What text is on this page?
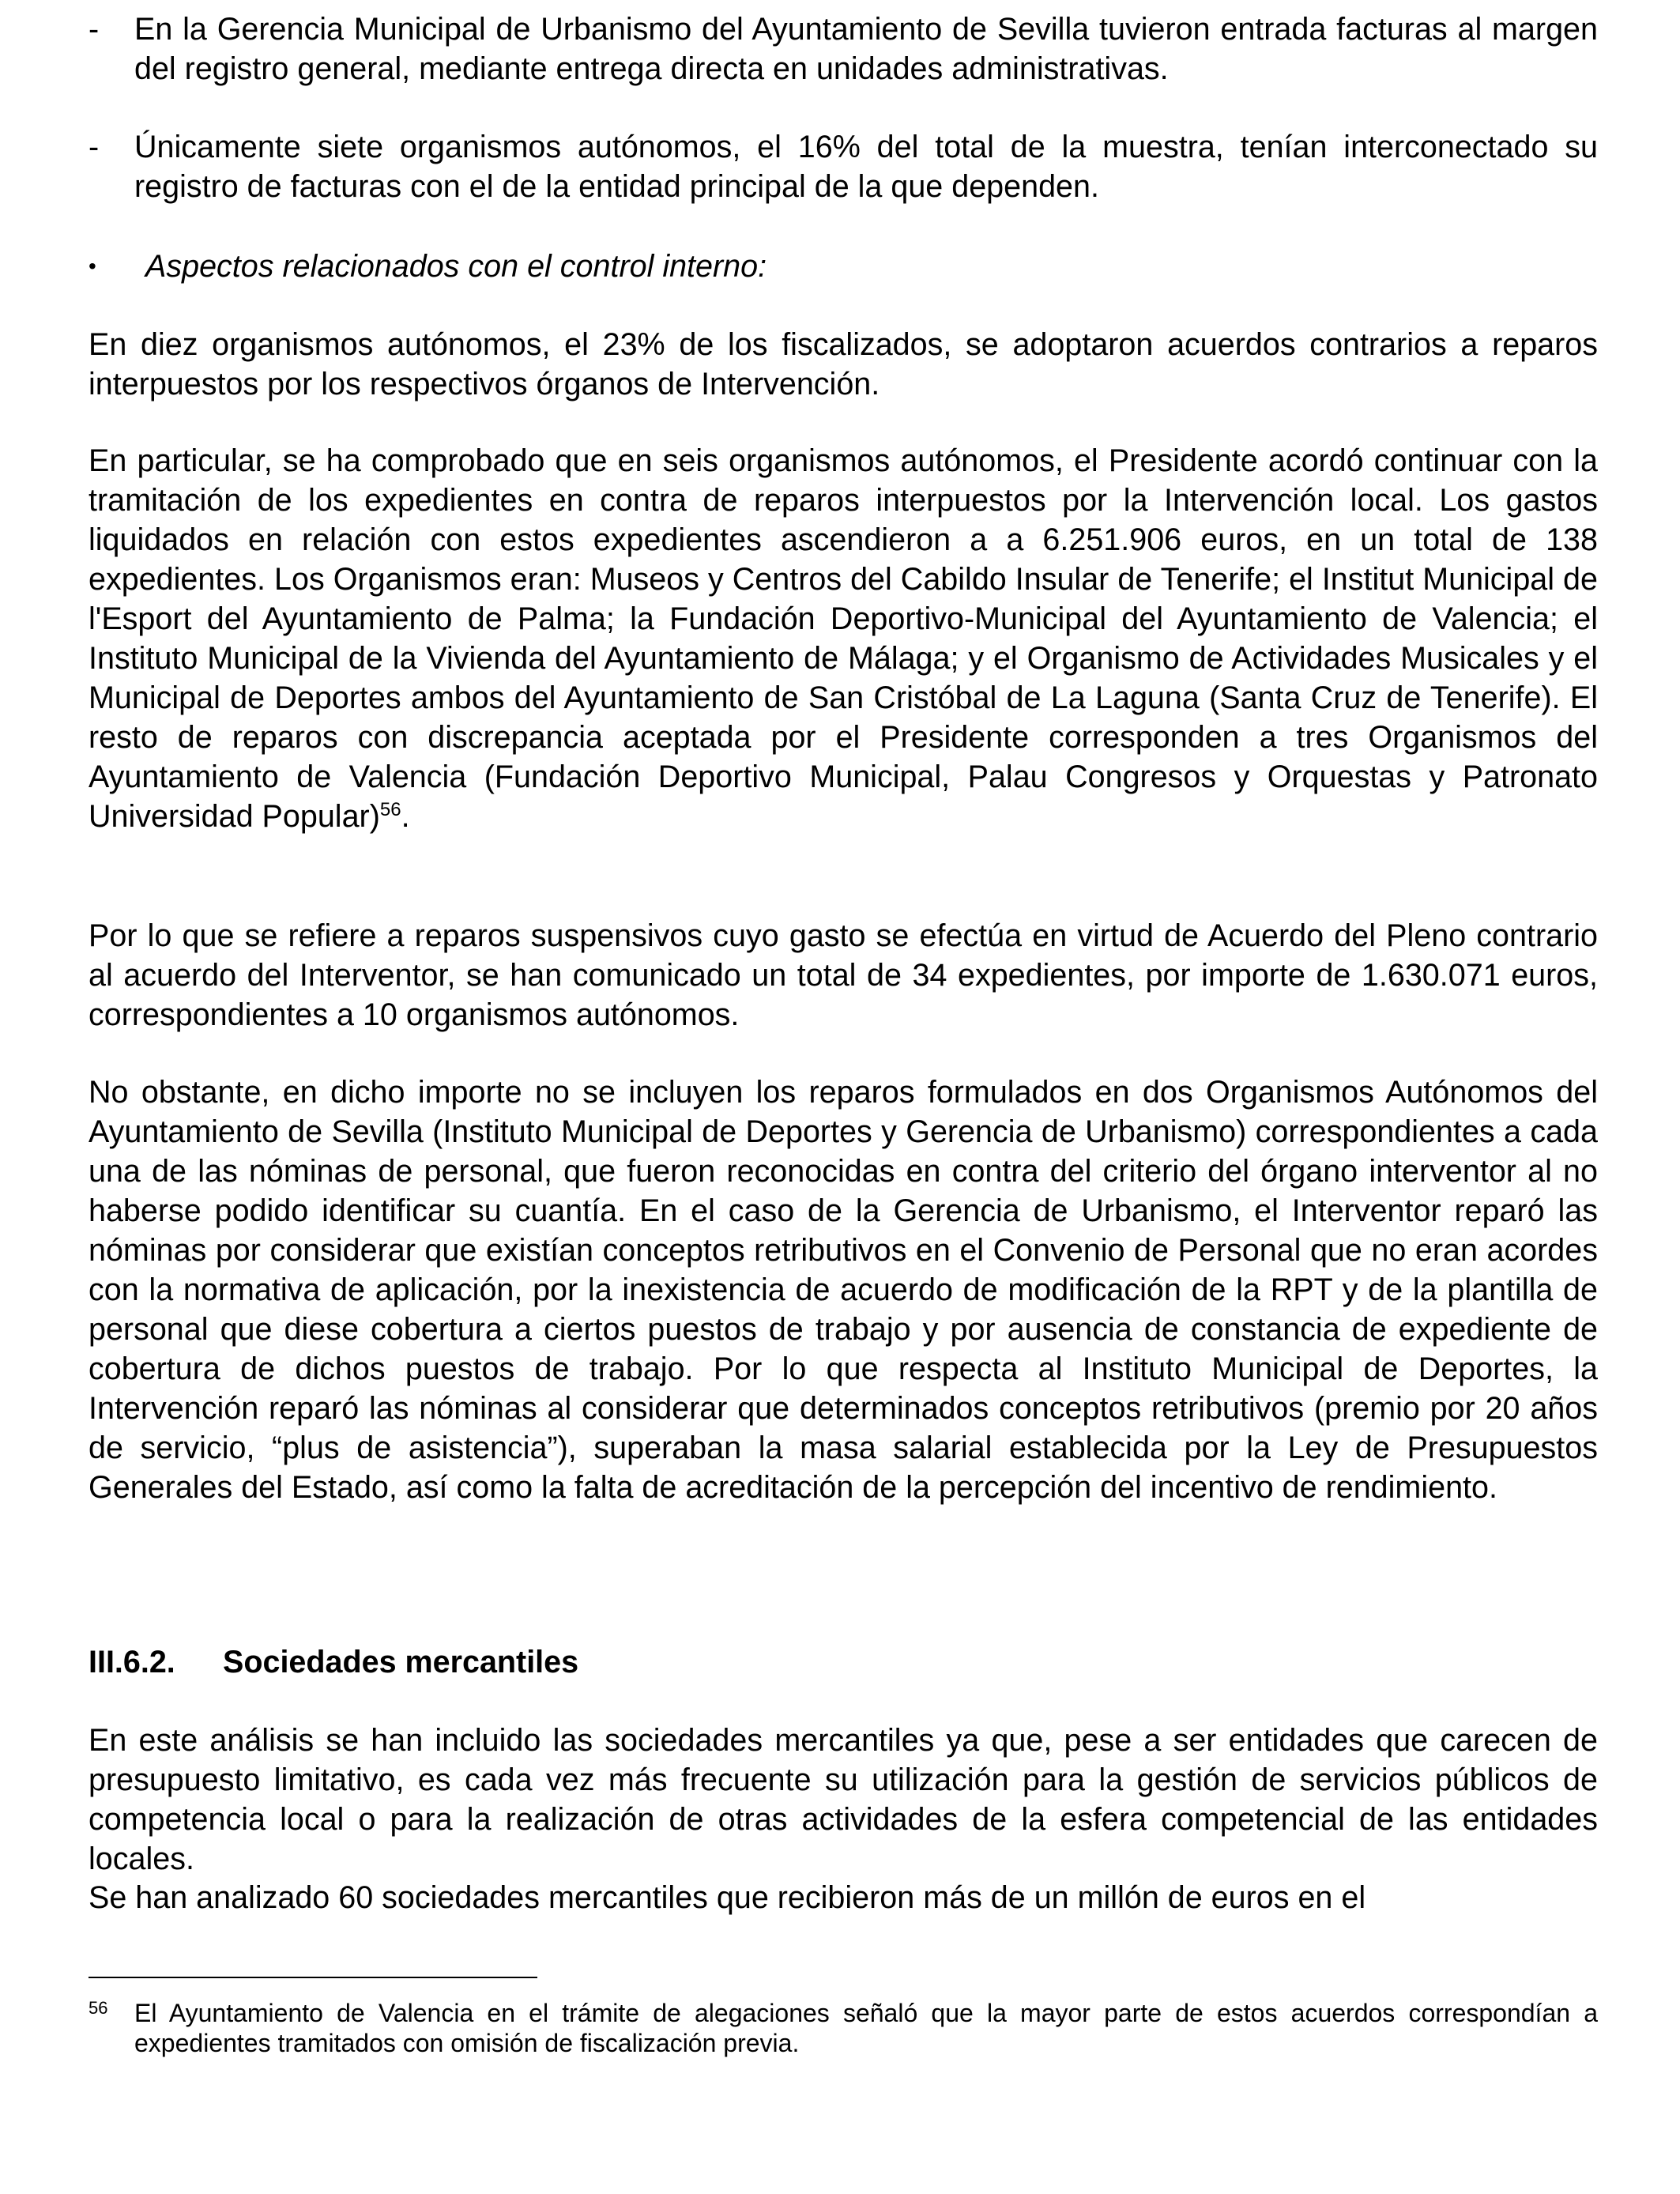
- En la Gerencia Municipal de Urbanismo del Ayuntamiento de Sevilla tuvieron entrada facturas al margen del registro general, mediante entrega directa en unidades administrativas.
- Únicamente siete organismos autónomos, el 16% del total de la muestra, tenían interconectado su registro de facturas con el de la entidad principal de la que dependen.
• Aspectos relacionados con el control interno:

En diez organismos autónomos, el 23% de los fiscalizados, se adoptaron acuerdos contrarios a reparos interpuestos por los respectivos órganos de Intervención.

En particular, se ha comprobado que en seis organismos autónomos, el Presidente acordó continuar con la tramitación de los expedientes en contra de reparos interpuestos por la Intervención local. Los gastos liquidados en relación con estos expedientes ascendieron a a 6.251.906 euros, en un total de 138 expedientes. Los Organismos eran: Museos y Centros del Cabildo Insular de Tenerife; el Institut Municipal de l'Esport del Ayuntamiento de Palma; la Fundación Deportivo-Municipal del Ayuntamiento de Valencia; el Instituto Municipal de la Vivienda del Ayuntamiento de Málaga; y el Organismo de Actividades Musicales y el Municipal de Deportes ambos del Ayuntamiento de San Cristóbal de La Laguna (Santa Cruz de Tenerife). El resto de reparos con discrepancia aceptada por el Presidente corresponden a tres Organismos del Ayuntamiento de Valencia (Fundación Deportivo Municipal, Palau Congresos y Orquestas y Patronato Universidad Popular)$^{56}$.

Por lo que se refiere a reparos suspensivos cuyo gasto se efectúa en virtud de Acuerdo del Pleno contrario al acuerdo del Interventor, se han comunicado un total de 34 expedientes, por importe de 1.630.071 euros, correspondientes a 10 organismos autónomos.

No obstante, en dicho importe no se incluyen los reparos formulados en dos Organismos Autónomos del Ayuntamiento de Sevilla (Instituto Municipal de Deportes y Gerencia de Urbanismo) correspondientes a cada una de las nóminas de personal, que fueron reconocidas en contra del criterio del órgano interventor al no haberse podido identificar su cuantía. En el caso de la Gerencia de Urbanismo, el Interventor reparó las nóminas por considerar que existían conceptos retributivos en el Convenio de Personal que no eran acordes con la normativa de aplicación, por la inexistencia de acuerdo de modificación de la RPT y de la plantilla de personal que diese cobertura a ciertos puestos de trabajo y por ausencia de constancia de expediente de cobertura de dichos puestos de trabajo. Por lo que respecta al Instituto Municipal de Deportes, la Intervención reparó las nóminas al considerar que determinados conceptos retributivos (premio por 20 años de servicio, “plus de asistencia”), superaban la masa salarial establecida por la Ley de Presupuestos Generales del Estado, así como la falta de acreditación de la percepción del incentivo de rendimiento.

III.6.2. Sociedades mercantiles

En este análisis se han incluido las sociedades mercantiles ya que, pese a ser entidades que carecen de presupuesto limitativo, es cada vez más frecuente su utilización para la gestión de servicios públicos de competencia local o para la realización de otras actividades de la esfera competencial de las entidades locales.

Se han analizado 60 sociedades mercantiles que recibieron más de un millón de euros en el

56 El Ayuntamiento de Valencia en el trámite de alegaciones señaló que la mayor parte de estos acuerdos correspondían a expedientes tramitados con omisión de fiscalización previa.
